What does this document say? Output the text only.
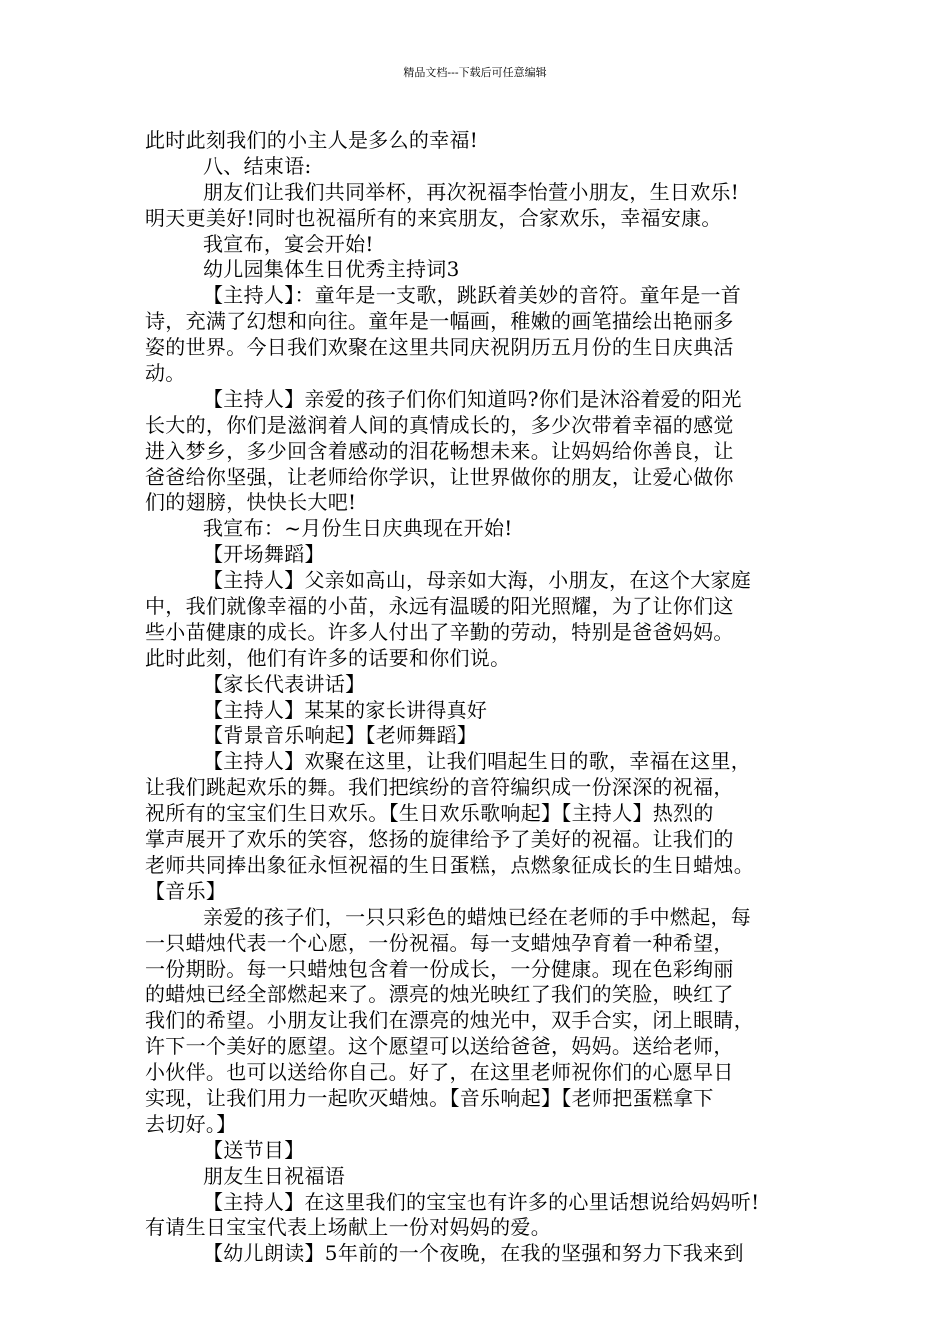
精品文档---下载后可任意编辑
此时此刻我们的小主人是多么的幸福!
八、结束语:
朋友们让我们共同举杯，再次祝福李怡萱小朋友，生日欢乐!
明天更美好!同时也祝福所有的来宾朋友，合家欢乐，幸福安康。
我宣布，宴会开始!
幼儿园集体生日优秀主持词3
【主持人】：童年是一支歌，跳跃着美妙的音符。童年是一首
诗，充满了幻想和向往。童年是一幅画，稚嫩的画笔描绘出艳丽多
姿的世界。今日我们欢聚在这里共同庆祝阴历五月份的生日庆典活
动。
【主持人】亲爱的孩子们你们知道吗?你们是沐浴着爱的阳光
长大的，你们是滋润着人间的真情成长的，多少次带着幸福的感觉
进入梦乡，多少回含着感动的泪花畅想未来。让妈妈给你善良，让
爸爸给你坚强，让老师给你学识，让世界做你的朋友，让爱心做你
们的翅膀，快快长大吧!
我宣布：~月份生日庆典现在开始!
【开场舞蹈】
【主持人】父亲如高山，母亲如大海，小朋友，在这个大家庭
中，我们就像幸福的小苗，永远有温暖的阳光照耀，为了让你们这
些小苗健康的成长。许多人付出了辛勤的劳动，特别是爸爸妈妈。
此时此刻，他们有许多的话要和你们说。
【家长代表讲话】
【主持人】某某的家长讲得真好
【背景音乐响起】【老师舞蹈】
【主持人】欢聚在这里，让我们唱起生日的歌，幸福在这里，
让我们跳起欢乐的舞。我们把缤纷的音符编织成一份深深的祝福，
祝所有的宝宝们生日欢乐。【生日欢乐歌响起】【主持人】热烈的
掌声展开了欢乐的笑容，悠扬的旋律给予了美好的祝福。让我们的
老师共同捧出象征永恒祝福的生日蛋糕，点燃象征成长的生日蜡烛。
【音乐】
亲爱的孩子们，一只只彩色的蜡烛已经在老师的手中燃起，每
一只蜡烛代表一个心愿，一份祝福。每一支蜡烛孕育着一种希望，
一份期盼。每一只蜡烛包含着一份成长，一分健康。现在色彩绚丽
的蜡烛已经全部燃起来了。漂亮的烛光映红了我们的笑脸，映红了
我们的希望。小朋友让我们在漂亮的烛光中，双手合实，闭上眼睛，
许下一个美好的愿望。这个愿望可以送给爸爸，妈妈。送给老师，
小伙伴。也可以送给你自己。好了，在这里老师祝你们的心愿早日
实现，让我们用力一起吹灭蜡烛。【音乐响起】【老师把蛋糕拿下
去切好。】
【送节目】
朋友生日祝福语
【主持人】在这里我们的宝宝也有许多的心里话想说给妈妈听!
有请生日宝宝代表上场献上一份对妈妈的爱。
【幼儿朗读】5年前的一个夜晚，在我的坚强和努力下我来到
